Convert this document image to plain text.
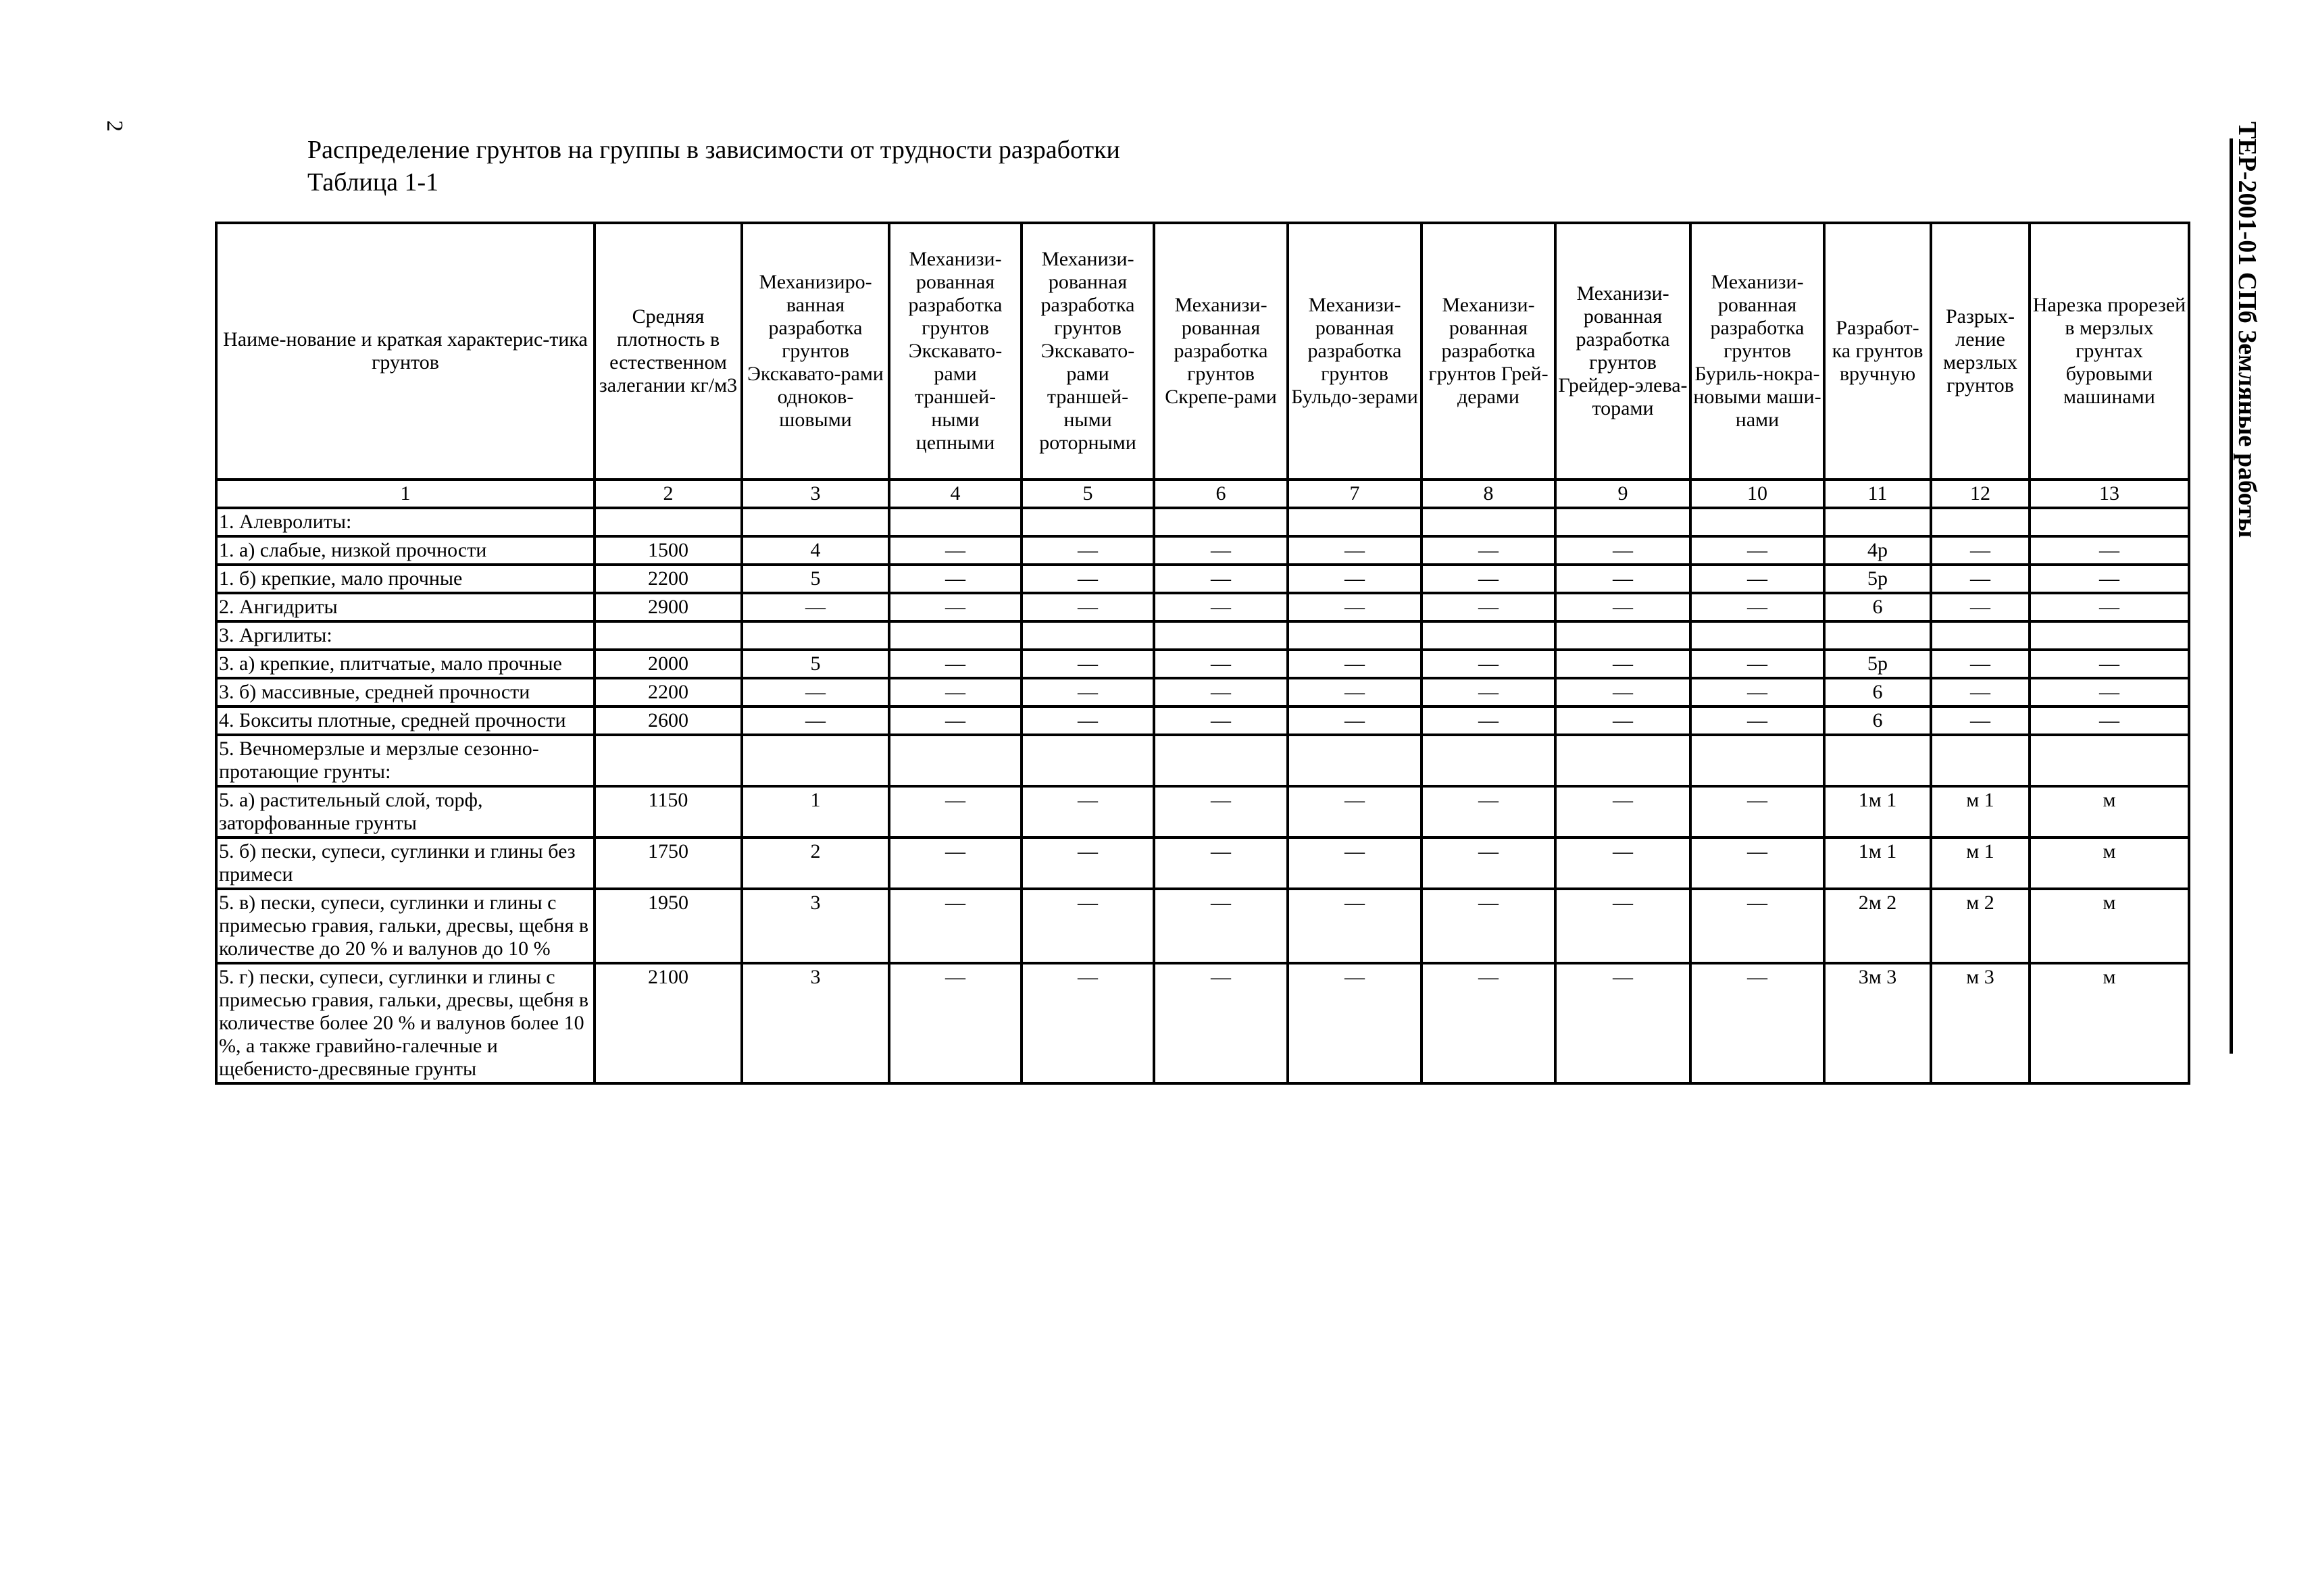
2	ТЕР-2001-01 СПб Земляные работы
Распределение грунтов на группы в зависимости от трудности разработки
Таблица 1-1
Наиме-нование и краткая характерис-тика грунтов	Средняя плотность в естественном залегании кг/м3	Механизиро-ванная разработка грунтов Экскавато-рами одноков-шовыми	Механизи-рованная разработка грунтов Экскавато-рами траншей-ными цепными	Механизи-рованная разработка грунтов Экскавато-рами траншей-ными роторными	Механизи-рованная разработка грунтов Скрепе-рами	Механизи-рованная разработка грунтов Бульдо-зерами	Механизи-рованная разработка грунтов Грей-дерами	Механизи-рованная разработка грунтов Грейдер-элева-торами	Механизи-рованная разработка грунтов Буриль-нокра-новыми маши-нами	Разработ-ка грунтов вручную	Разрых-ление мерзлых грунтов	Нарезка прорезей в мерзлых грунтах буровыми машинами
1	2	3	4	5	6	7	8	9	10	11	12	13
1. Алевролиты:												
1. а) слабые, низкой прочности	1500	4	—	—	—	—	—	—	—	4р	—	—
1. б) крепкие, мало прочные	2200	5	—	—	—	—	—	—	—	5р	—	—
2. Ангидриты	2900	—	—	—	—	—	—	—	—	6	—	—
3. Аргилиты:												
3. а) крепкие, плитчатые, мало прочные	2000	5	—	—	—	—	—	—	—	5р	—	—
3. б) массивные, средней прочности	2200	—	—	—	—	—	—	—	—	6	—	—
4. Бокситы плотные, средней прочности	2600	—	—	—	—	—	—	—	—	6	—	—
5. Вечномерзлые и мерзлые сезонно-протающие грунты:												
5. а) растительный слой, торф, заторфованные грунты	1150	1	—	—	—	—	—	—	—	1м 1	м 1	м
5. б) пески, супеси, суглинки и глины без примеси	1750	2	—	—	—	—	—	—	—	1м 1	м 1	м
5. в) пески, супеси, суглинки и глины с примесью гравия, гальки, дресвы, щебня в количестве до 20 % и валунов до 10 %	1950	3	—	—	—	—	—	—	—	2м 2	м 2	м
5. г) пески, супеси, суглинки и глины с примесью гравия, гальки, дресвы, щебня в количестве более 20 % и валунов более 10 %, а также гравийно-галечные и щебенисто-дресвяные грунты	2100	3	—	—	—	—	—	—	—	3м 3	м 3	м
